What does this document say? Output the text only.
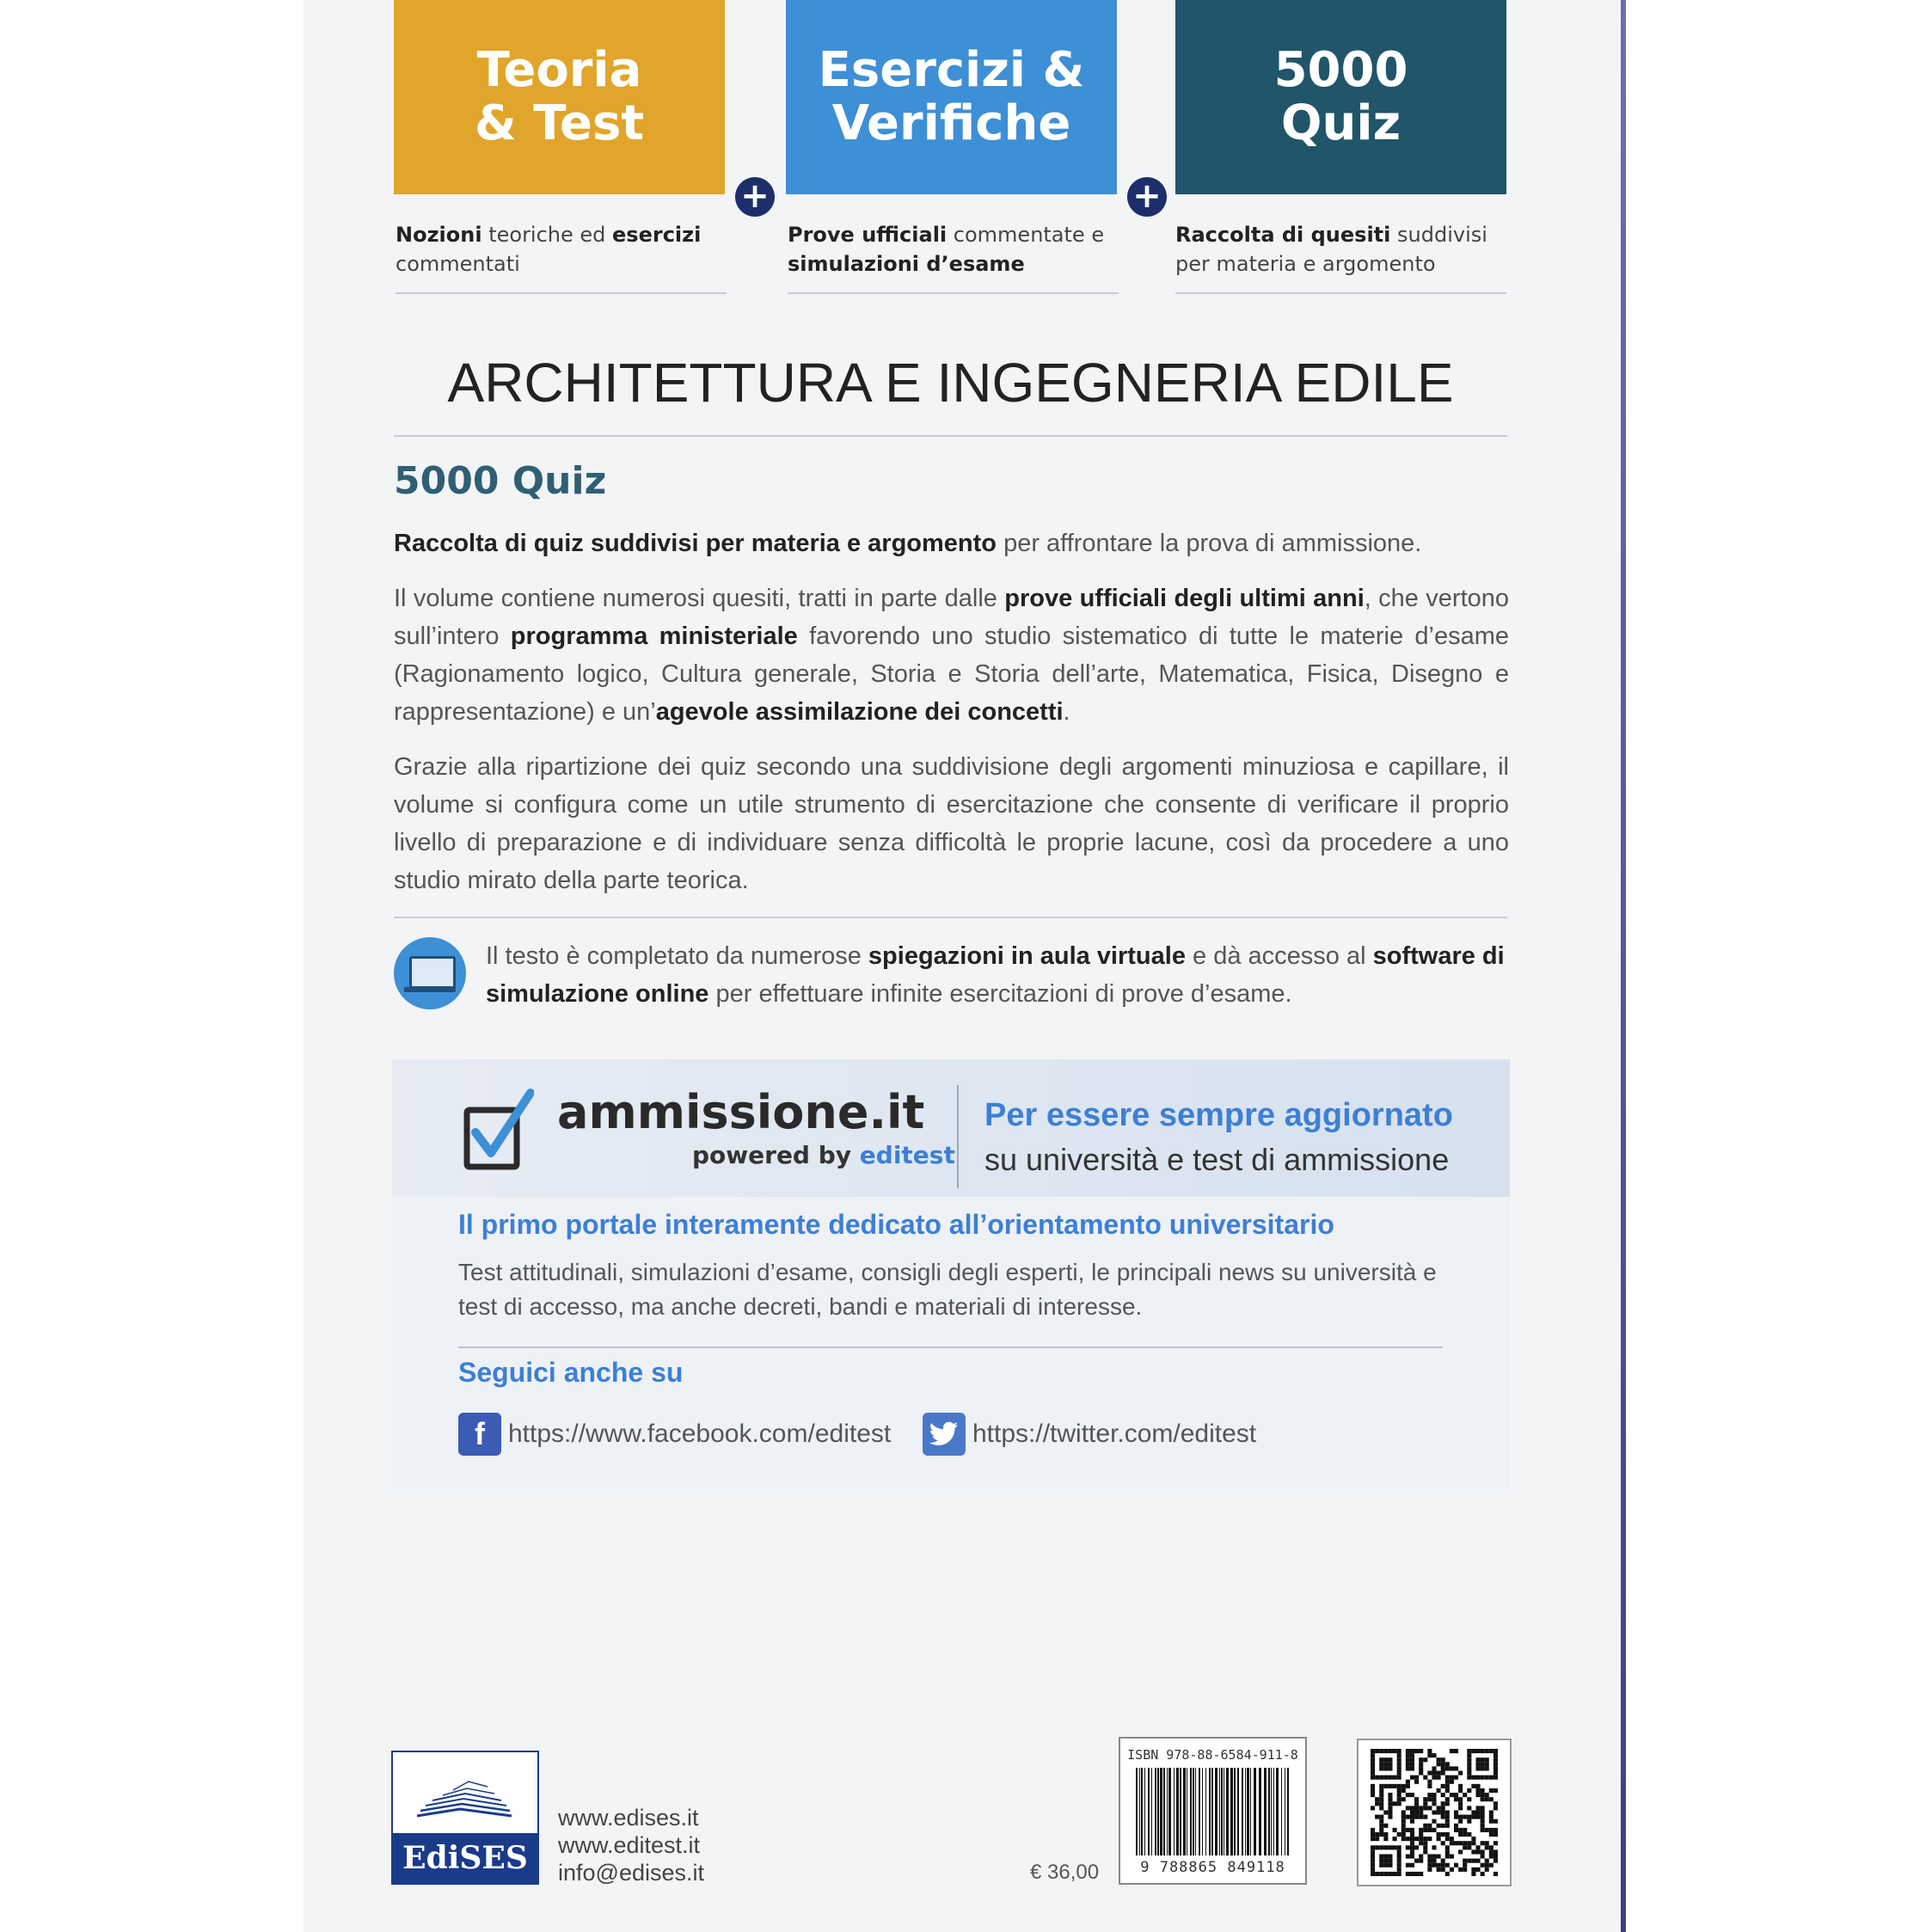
Teoria
& Test
+
Esercizi &
Verifiche
+
5000
Quiz
Nozioni teoriche ed esercizi commentati
Prove ufficiali commentate e simulazioni d’esame
Raccolta di quesiti suddivisi per materia e argomento
ARCHITETTURA E INGEGNERIA EDILE
5000 Quiz
Raccolta di quiz suddivisi per materia e argomento per affrontare la prova di ammissione.
Il volume contiene numerosi quesiti, tratti in parte dalle prove ufficiali degli ultimi anni, che vertono sull’intero programma ministeriale favorendo uno studio sistematico di tutte le materie d’esame (Ragionamento logico, Cultura generale, Storia e Storia dell’arte, Matematica, Fisica, Disegno e rappresentazione) e un’agevole assimilazione dei concetti.
Grazie alla ripartizione dei quiz secondo una suddivisione degli argomenti minuziosa e capillare, il volume si configura come un utile strumento di esercitazione che consente di verificare il proprio livello di preparazione e di individuare senza difficoltà le proprie lacune, così da procedere a uno studio mirato della parte teorica.
Il testo è completato da numerose spiegazioni in aula virtuale e dà accesso al software di simulazione online per effettuare infinite esercitazioni di prove d’esame.
ammissione.it
powered by editest
Per essere sempre aggiornato
su università e test di ammissione
Il primo portale interamente dedicato all’orientamento universitario
Test attitudinali, simulazioni d’esame, consigli degli esperti, le principali news su università e test di accesso, ma anche decreti, bandi e materiali di interesse.
Seguici anche su
f https://www.facebook.com/editest	https://twitter.com/editest
EdiSES
www.edises.it
www.editest.it
info@edises.it	€ 36,00
ISBN 978-88-6584-911-8
9 788865 849118
